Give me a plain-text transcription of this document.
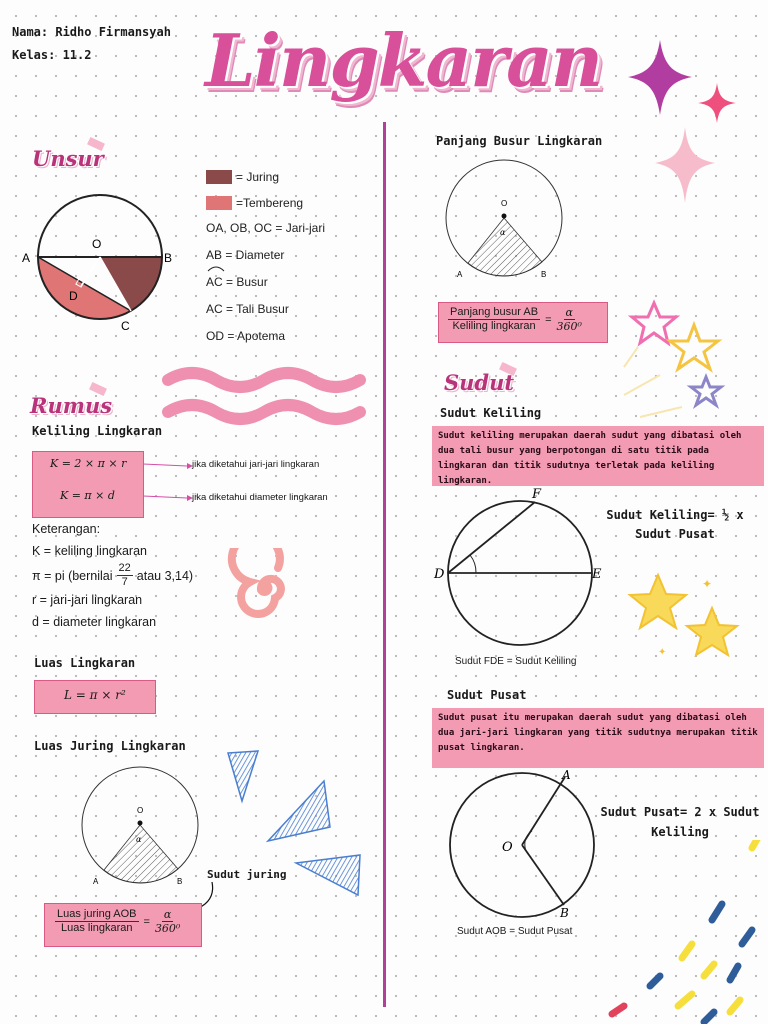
Nama: Ridho Firmansyah
Kelas: 11.2 Lingkaran
Unsur
A	B
O
D
C
= Juring
=Tembereng
OA, OB, OC = Jari-jari
AB = Diameter
AC = Busur
AC = Tali Busur
OD = Apotema
Rumus
Keliling Lingkaran
K = 2 × π × r
K = π × d
jika diketahui jari-jari lingkaran
jika diketahui diameter lingkaran
Keterangan:
K = keliling lingkaran
π = pi (bernilai $\frac{22}{7}$ atau 3,14)
r = jari-jari lingkaran
d = diameter lingkaran
Luas Lingkaran
L = π × r²
Luas Juring Lingkaran
O
α
A	B
Sudut juring
$\frac{\text{Luas juring AOB}}{\text{Luas lingkaran}} = \frac{\alpha}{\text{360⁰}}$
Panjang Busur Lingkaran
O
α
A	B
$\frac{\text{Panjang busur AB}}{\text{Keliling lingkaran}} = \frac{\alpha}{\text{360⁰}}$
Sudut
Sudut Keliling
Sudut keliling merupakan daerah sudut yang dibatasi oleh dua tali busur yang berpotongan di satu titik pada lingkaran dan titik sudutnya terletak pada keliling lingkaran.
D	E
F
Sudut Keliling= ½ x Sudut Pusat
Sudut FDE = Sudut Keliling
✦
✦
Sudut Pusat
Sudut pusat itu merupakan daerah sudut yang dibatasi oleh dua jari-jari lingkaran yang titik sudutnya merupakan titik pusat lingkaran.
O
A
B
Sudut Pusat= 2 x Sudut Keliling
Sudut AOB = Sudut Pusat
